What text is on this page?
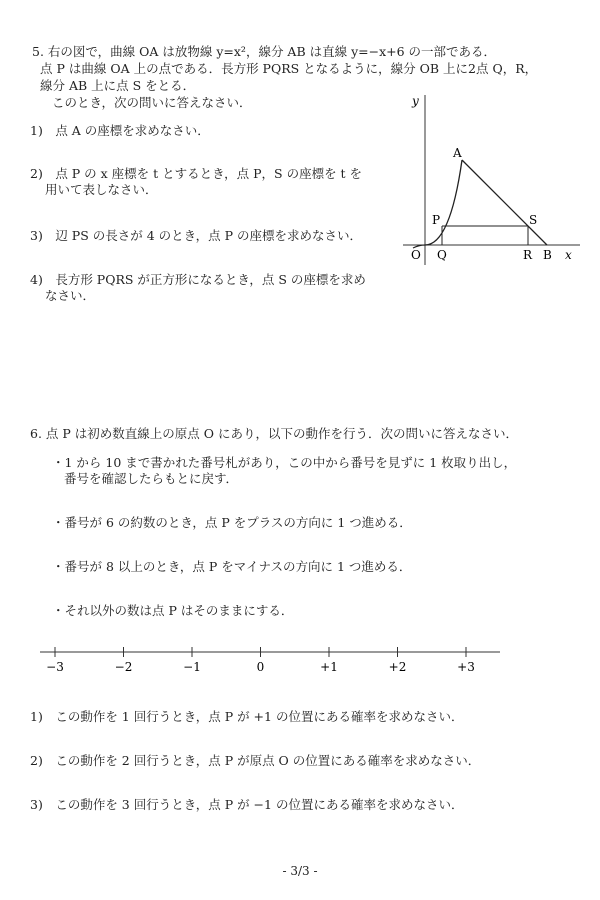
5. 右の図で，曲線 OA は放物線 y=x²，線分 AB は直線 y=−x+6 の一部である．
点 P は曲線 OA 上の点である．長方形 PQRS となるように，線分 OB 上に2点 Q，R，
線分 AB 上に点 S をとる．
このとき，次の問いに答えなさい．
1)　点 A の座標を求めなさい．
2)　点 P の x 座標を t とするとき，点 P，S の座標を t を
用いて表しなさい．
3)　辺 PS の長さが 4 のとき，点 P の座標を求めなさい．
4)　長方形 PQRS が正方形になるとき，点 S の座標を求め
なさい．
y
x
O
A
P	S
Q	R B
6. 点 P は初め数直線上の原点 O にあり，以下の動作を行う．次の問いに答えなさい．
・1 から 10 まで書かれた番号札があり，この中から番号を見ずに 1 枚取り出し，
番号を確認したらもとに戻す．
・番号が 6 の約数のとき，点 P をプラスの方向に 1 つ進める．
・番号が 8 以上のとき，点 P をマイナスの方向に 1 つ進める．
・それ以外の数は点 P はそのままにする．
−3	−2	−1	0	+1	+2	+3
1)　この動作を 1 回行うとき，点 P が +1 の位置にある確率を求めなさい．
2)　この動作を 2 回行うとき，点 P が原点 O の位置にある確率を求めなさい．
3)　この動作を 3 回行うとき，点 P が −1 の位置にある確率を求めなさい．
- 3/3 -
